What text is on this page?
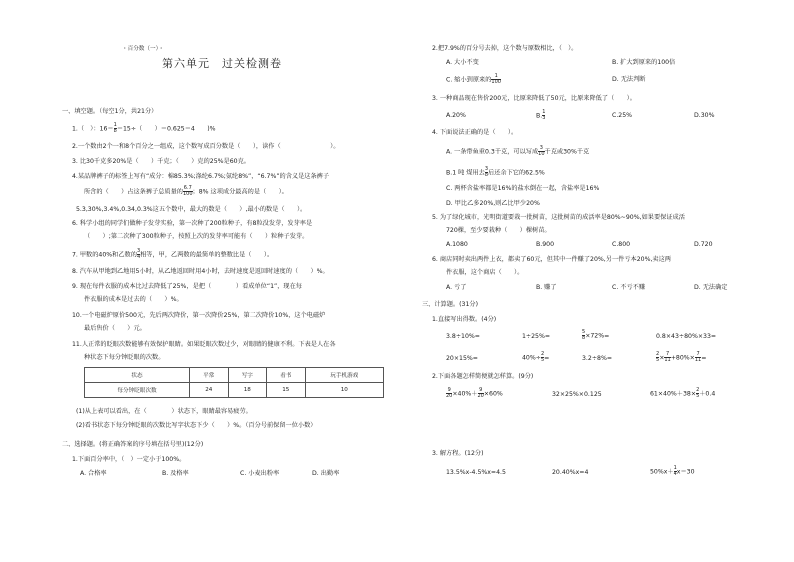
・百分数（一）・
第六单元　过关检测卷
一、填空题。（每空1分，共21分）
1.（　）：$16= \frac{1}{8} =15\div$（　　）＝0.625＝4　　)%
2.一个数由2个一和8个百分之一组成，这个数写成百分数是（　　），读作（　　　　　　　　）。
3. 比30千克多20%是（　　）千克；（　　）克的25%是60克。
4.某品牌裤子的标签上写有“成分：棉85.3%;涤纶6.7%;氨纶8%”，“6.7%”的含义是这条裤子
所含的（　　）占这条裤子总质量的 $\frac{6.7}{100}$ ；8% 这项成分最高的是（　　）。
5.3,30%,3.4%,0.34,0.3%这五个数中，最大的数是（　　）,最小的数是（　　）。
6. 科学小组的同学们做种子发芽实验，第一次种了200粒种子，有8粒没发芽，发芽率是
（　　）;第二次种了300粒种子，按照上次的发芽率可能有（　　）粒种子发芽。
7. 甲数的40%和乙数的 $\frac{3}{4}$ 相等，甲，乙两数的最简单的整数比是（　　）。
8. 汽车从甲地到乙地用5小时，从乙地返回时用4小时，去时速度是返回时速度的（　　）%。
9. 现在每件衣服的成本比过去降低了25%，是把（　　　　）看成单位“1”，现在每
件衣服的成本是过去的（　　）%。
10.一个电磁炉原价500元，先后两次降价，第一次降价25%，第二次降价10%，这个电磁炉
最后售价（　　）元。
11.人正常的眨眼次数能够有效保护眼睛。如果眨眼次数过少，对眼睛的健康不利。下表是人在各
种状态下每分钟眨眼的次数。
状态	平常	写字	看书	玩手机游戏
每分钟眨眼次数	24	18	15	10
(1)从上表可以看出，在（　　　　）状态下，眼睛最容易疲劳。
(2)看书状态下每分钟眨眼的次数比写字状态下少（　　）%。（百分号前保留一位小数）
二、选择题。(将正确答案的序号填在括号里)(12分)
1.下面百分率中，（　）一定小于100%。
A. 合格率	B. 及格率	C. 小麦出粉率	D. 出勤率
2.把7.9%的百分号去掉，这个数与原数相比，（　）。
A. 大小不变	B. 扩大到原来的100倍
C. 缩小到原来的 $\frac{1}{100}$	D. 无法判断
3. 一种商品现在售价200元，比原来降低了50元，比原来降低了（　　）。
A.20%	B. $\frac{1}{3}$	C.25%	D.30%
4. 下面说法正确的是（　　）。
A. 一条带鱼重0.3千克，可以写成 $\frac{3}{10}$ 千克或30%千克
B.1 吨 煤用去 $\frac{3}{8}$ 后还余下它的62.5%
C. 两杯含盐率都是16%的盐水倒在一起，含盐率是16%
D. 甲比乙多20%,则乙比甲少20%
5. 为了绿化城市，光明街道要栽一批树苗，这批树苗的成活率是80%~90%,如果要保证成活
720棵，至少要栽种（　　）棵树苗。
A.1080	B.900	C.800	D.720
6. 商店同时卖出两件上衣，都卖了60元，但其中一件赚了20%,另一件亏本20%,卖这两
件衣服，这个商店（　　）。
A. 亏了	B. 赚了	C. 不亏不赚	D. 无法确定
三、计算题。(31分)
1.直接写出得数。(4分)
3.8÷10%=	1÷25%=	$\frac{5}{8} \times 72\%=$	0.8×43÷80%×33=
20×15%=	$40\%\div \frac{2}{5}$ =	3.2÷8%=	$\frac{2}{5} \times \frac{7}{11} +80\%\times \frac{7}{11}$ =
2.下面各题怎样简便就怎样算。(9分)
$\frac{9}{20} \times 40\%+ \frac{9}{20} \times 60\%$	32×25%×0.125	$61\times 40\%+38\times \frac{2}{5} +0.4$
3. 解方程。(12分)
13.5%x-4.5%x=4.5	20.40%x=4	$50\%x+ \frac{1}{4} x=30$
